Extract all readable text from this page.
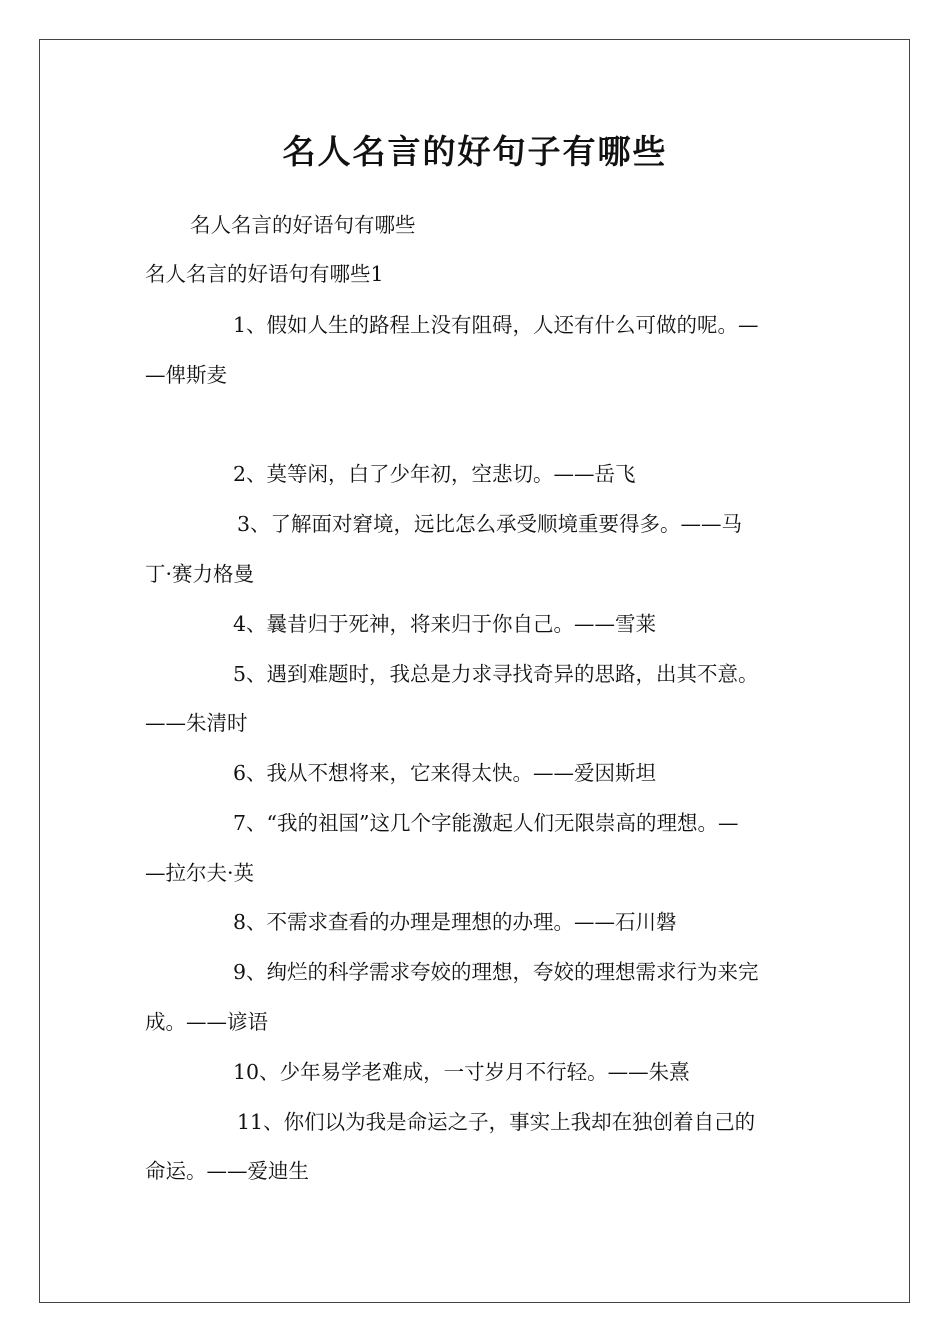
名人名言的好句子有哪些

名人名言的好语句有哪些

名人名言的好语句有哪些1

1、假如人生的路程上没有阻碍，人还有什么可做的呢。—

—俾斯麦

2、莫等闲，白了少年初，空悲切。——岳飞

3、了解面对窘境，远比怎么承受顺境重要得多。——马

丁·赛力格曼

4、曩昔归于死神，将来归于你自己。——雪莱

5、遇到难题时，我总是力求寻找奇异的思路，出其不意。

——朱清时

6、我从不想将来，它来得太快。——爱因斯坦

7、“我的祖国”这几个字能激起人们无限崇高的理想。—

—拉尔夫·英

8、不需求查看的办理是理想的办理。——石川磐

9、绚烂的科学需求夸姣的理想，夸姣的理想需求行为来完

成。——谚语

10、少年易学老难成，一寸岁月不行轻。——朱熹

11、你们以为我是命运之子，事实上我却在独创着自己的

命运。——爱迪生
